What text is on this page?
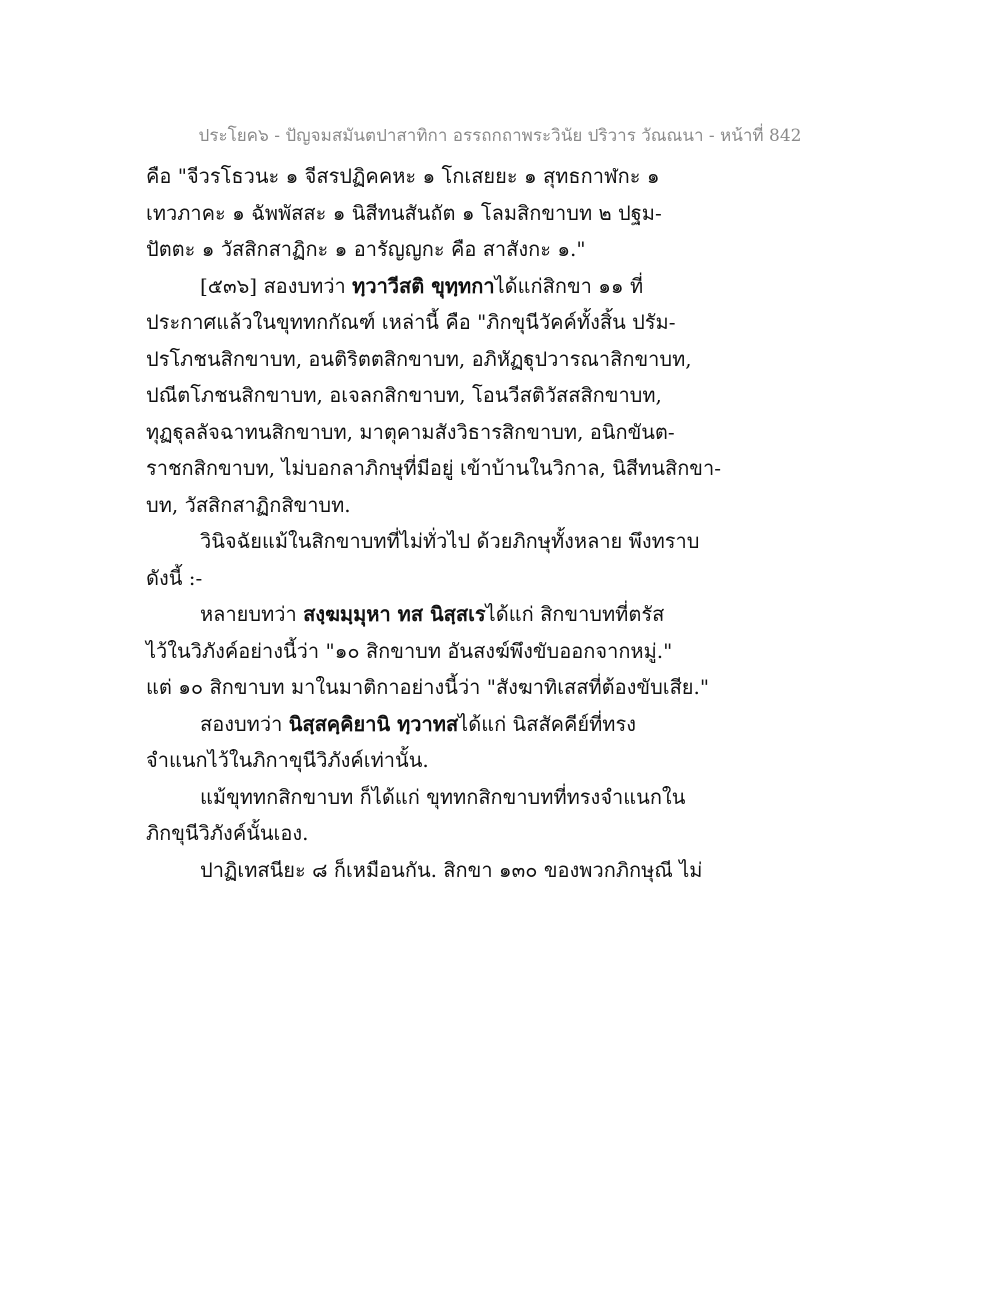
ประโยค๖ - ปัญจมสมันตปาสาทิกา อรรถกถาพระวินัย ปริวาร วัณณนา - หน้าที่ 842
คือ "จีวรโธวนะ ๑ จีสรปฏิคคหะ ๑ โกเสยยะ ๑ สุทธกาฬกะ ๑
เทวภาคะ ๑ ฉัพพัสสะ ๑ นิสีทนสันถัต ๑ โลมสิกขาบท ๒ ปฐม-
ปัตตะ ๑ วัสสิกสาฏิกะ ๑ อารัญญกะ คือ สาสังกะ ๑."
[๕๓๖] สองบทว่า ทฺวาวีสติ ขุทฺทกาได้แก่สิกขา ๑๑ ที่
ประกาศแล้วในขุททกกัณฑ์ เหล่านี้ คือ "ภิกขุนีวัคค์ทั้งสิ้น ปรัม-
ปรโภชนสิกขาบท, อนติริตตสิกขาบท, อภิหัฏฐุปวารณาสิกขาบท,
ปณีตโภชนสิกขาบท, อเจลกสิกขาบท, โอนวีสติวัสสสิกขาบท,
ทุฏฐุลลัจฉาทนสิกขาบท, มาตุคามสังวิธารสิกขาบท, อนิกขันต-
ราชกสิกขาบท, ไม่บอกลาภิกษุที่มีอยู่ เข้าบ้านในวิกาล, นิสีทนสิกขา-
บท, วัสสิกสาฏิกสิขาบท.
วินิจฉัยแม้ในสิกขาบทที่ไม่ทั่วไป ด้วยภิกษุทั้งหลาย พึงทราบ
ดังนี้ :-
หลายบทว่า สงฺฆมฺมุหา ทส นิสฺสเรได้แก่ สิกขาบทที่ตรัส
ไว้ในวิภังค์อย่างนี้ว่า "๑๐ สิกขาบท อันสงฆ์พึงขับออกจากหมู่."
แต่ ๑๐ สิกขาบท มาในมาติกาอย่างนี้ว่า "สังฆาทิเสสที่ต้องขับเสีย."
สองบทว่า นิสฺสคฺคิยานิ ทฺวาทสได้แก่ นิสสัคคีย์ที่ทรง
จำแนกไว้ในภิกาขุนีวิภังค์เท่านั้น.
แม้ขุททกสิกขาบท ก็ได้แก่ ขุททกสิกขาบทที่ทรงจำแนกใน
ภิกขุนีวิภังค์นั้นเอง.
ปาฏิเทสนียะ ๘ ก็เหมือนกัน. สิกขา ๑๓๐ ของพวกภิกษุณี ไม่
